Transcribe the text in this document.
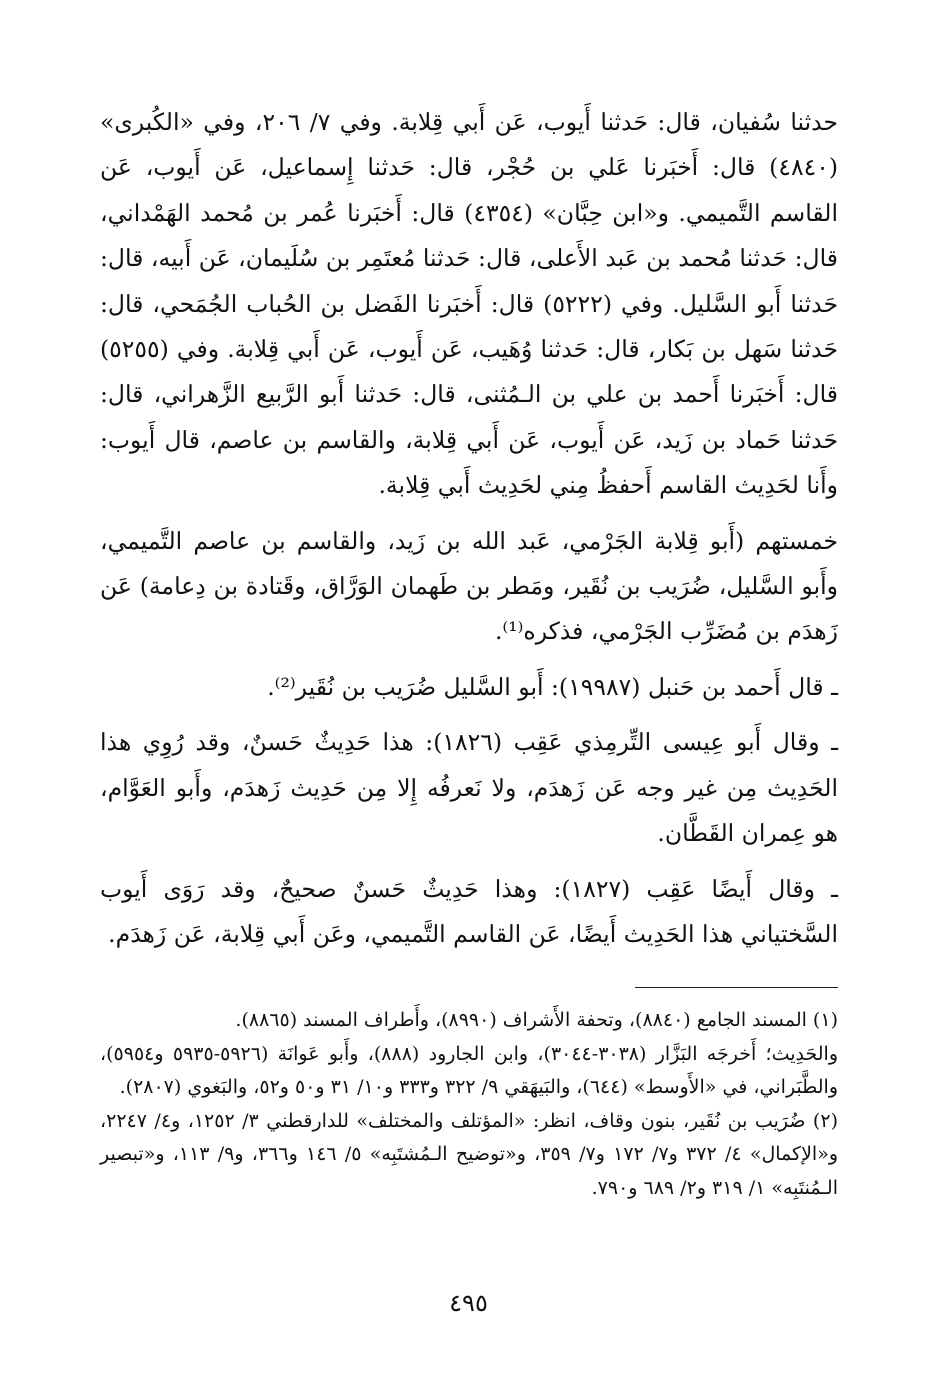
حدثنا سُفيان، قال: حَدثنا أَيوب، عَن أَبي قِلابة. وفي ٧/ ٢٠٦، وفي «الكُبرى» (٤٨٤٠) قال: أَخبَرنا عَلي بن حُجْر، قال: حَدثنا إِسماعيل، عَن أَيوب، عَن القاسم التَّميمي. و«ابن حِبَّان» (٤٣٥٤) قال: أَخبَرنا عُمر بن مُحمد الهَمْداني، قال: حَدثنا مُحمد بن عَبد الأَعلى، قال: حَدثنا مُعتَمِر بن سُلَيمان، عَن أَبيه، قال: حَدثنا أَبو السَّليل. وفي (٥٢٢٢) قال: أَخبَرنا الفَضل بن الحُباب الجُمَحي، قال: حَدثنا سَهل بن بَكار، قال: حَدثنا وُهَيب، عَن أَيوب، عَن أَبي قِلابة. وفي (٥٢٥٥) قال: أَخبَرنا أَحمد بن علي بن الـمُثنى، قال: حَدثنا أَبو الرَّبيع الزَّهراني، قال: حَدثنا حَماد بن زَيد، عَن أَيوب، عَن أَبي قِلابة، والقاسم بن عاصم، قال أَيوب: وأَنا لحَدِيث القاسم أَحفظُ مِني لحَدِيث أَبي قِلابة.

خمستهم (أَبو قِلابة الجَرْمي، عَبد الله بن زَيد، والقاسم بن عاصم التَّميمي، وأَبو السَّليل، ضُرَيب بن نُقَير، ومَطر بن طَهمان الوَرَّاق، وقَتادة بن دِعامة) عَن زَهدَم بن مُضَرِّب الجَرْمي، فذكره⁽¹⁾.

ـ قال أَحمد بن حَنبل (١٩٩٨٧): أَبو السَّليل ضُرَيب بن نُقَير⁽²⁾.

ـ وقال أَبو عِيسى التِّرمِذي عَقِب (١٨٢٦): هذا حَدِيثٌ حَسنٌ، وقد رُوِي هذا الحَدِيث مِن غير وجه عَن زَهدَم، ولا نَعرفُه إِلا مِن حَدِيث زَهدَم، وأَبو العَوَّام، هو عِمران القَطَّان.

ـ وقال أَيضًا عَقِب (١٨٢٧): وهذا حَدِيثٌ حَسنٌ صحيحٌ، وقد رَوَى أَيوب السَّختياني هذا الحَدِيث أَيضًا، عَن القاسم التَّميمي، وعَن أَبي قِلابة، عَن زَهدَم.

(١) المسند الجامع (٨٨٤٠)، وتحفة الأَشراف (٨٩٩٠)، وأَطراف المسند (٨٨٦٥).

والحَدِيث؛ أَخرجَه البَزَّار (٣٠٣٨-٣٠٤٤)، وابن الجارود (٨٨٨)، وأَبو عَوانَة (٥٩٢٦-٥٩٣٥ و٥٩٥٤)، والطَّبَراني، في «الأَوسط» (٦٤٤)، والبَيهَقي ٩/ ٣٢٢ و٣٣٣ و١٠/ ٣١ و٥٠ و٥٢، والبَغوي (٢٨٠٧).

(٢) ضُرَيب بن نُقَير، بنون وقاف، انظر: «المؤتلف والمختلف» للدارقطني ٣/ ١٢٥٢، و٤/ ٢٢٤٧، و«الإكمال» ٤/ ٣٧٢ و٧/ ١٧٢ و٧/ ٣٥٩، و«توضيح الـمُشتَبِه» ٥/ ١٤٦ و٣٦٦، و٩/ ١١٣، و«تبصير الـمُنتَبِه» ١/ ٣١٩ و٢/ ٦٨٩ و٧٩٠.

٤٩٥
